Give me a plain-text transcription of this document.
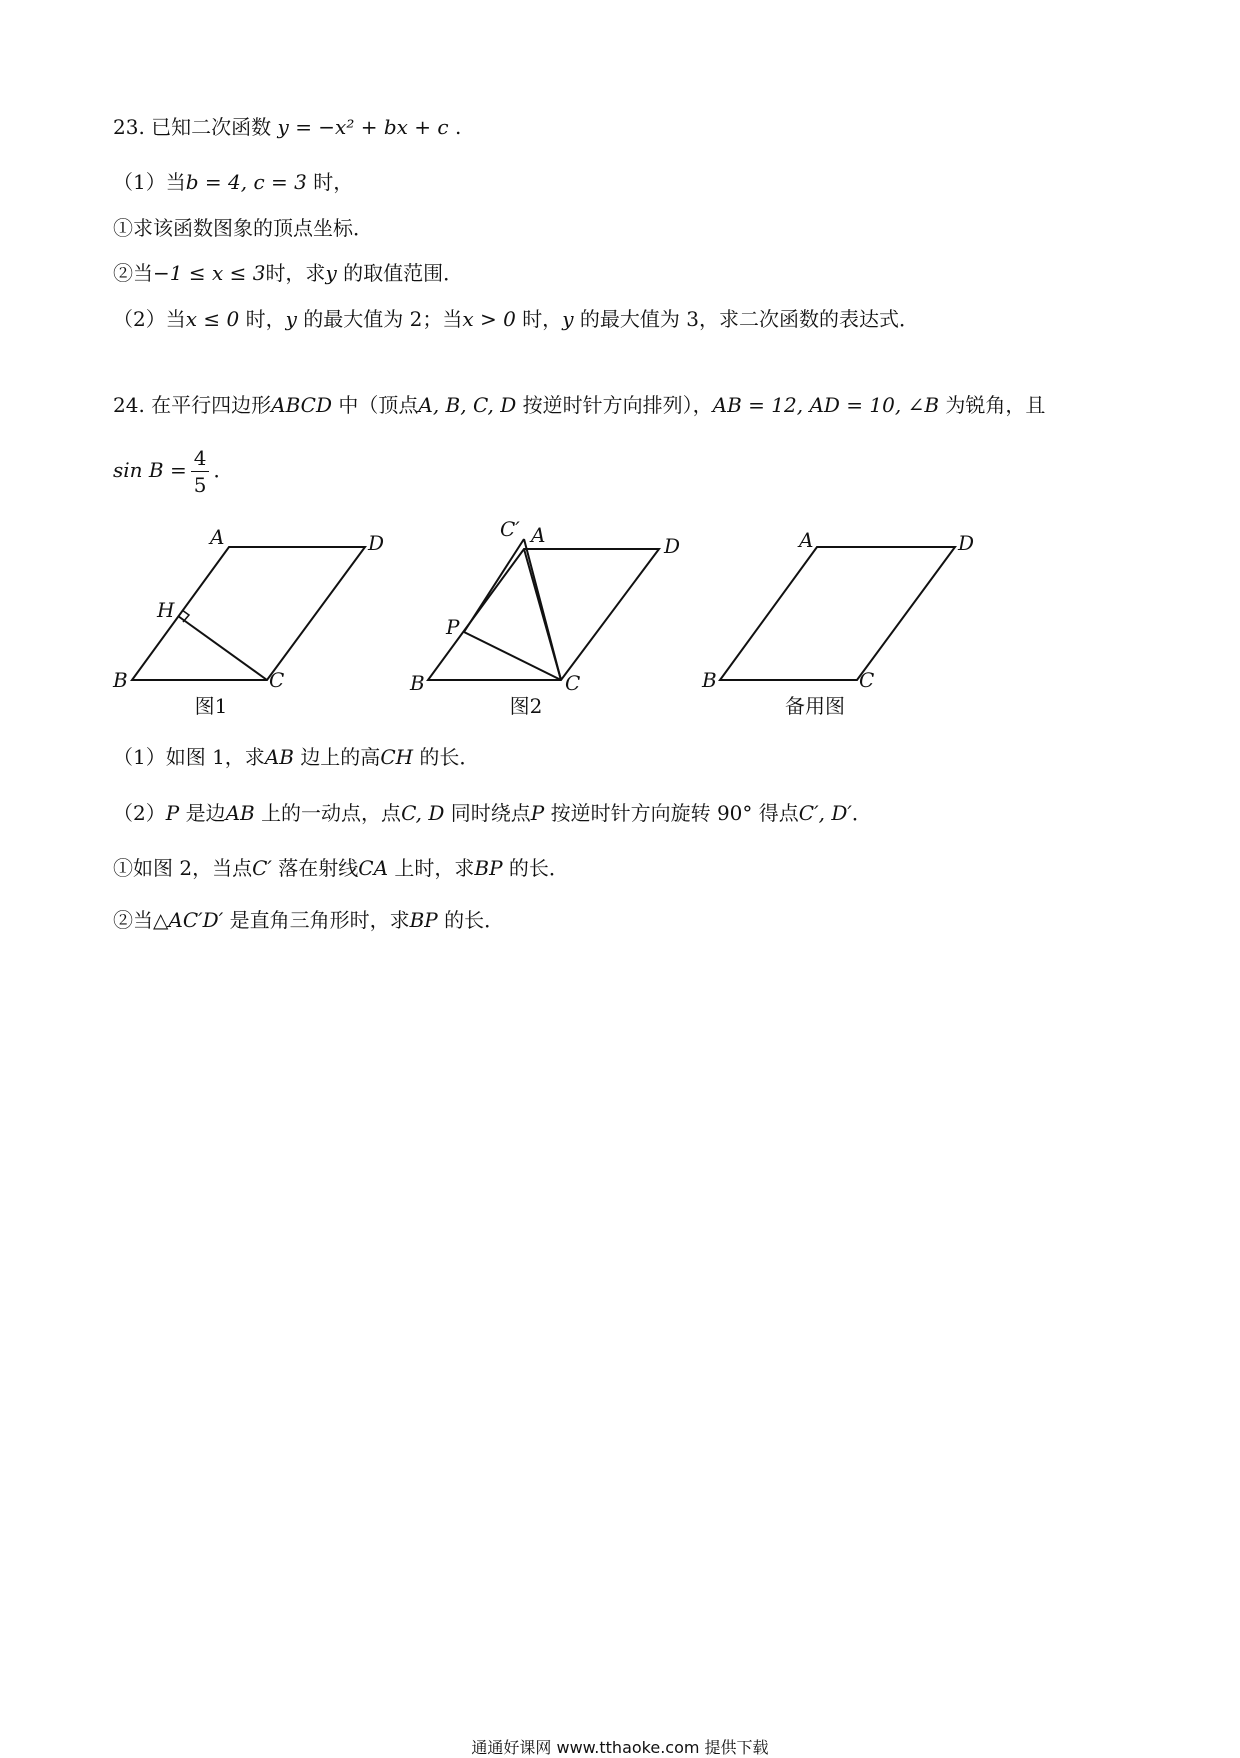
23. 已知二次函数 y = −x² + bx + c .
（1）当b = 4, c = 3 时，
①求该函数图象的顶点坐标．
②当−1 ≤ x ≤ 3时，求y 的取值范围．
（2）当x ≤ 0 时，y 的最大值为 2；当x > 0 时，y 的最大值为 3，求二次函数的表达式．
24. 在平行四边形ABCD 中（顶点A, B, C, D 按逆时针方向排列），AB = 12, AD = 10, ∠B 为锐角，且
$\sin B = \frac{4}{5}$ ．
A	D
H
B	C
C′ A	D
P
B	C
A	D
B	C
图1	图2	备用图
（1）如图 1，求AB 边上的高CH 的长．
（2）P 是边AB 上的一动点，点C, D 同时绕点P 按逆时针方向旋转 90° 得点C′, D′．
①如图 2，当点C′ 落在射线CA 上时，求BP 的长．
②当△AC′D′ 是直角三角形时，求BP 的长．
通通好课网 www.tthaoke.com 提供下载
